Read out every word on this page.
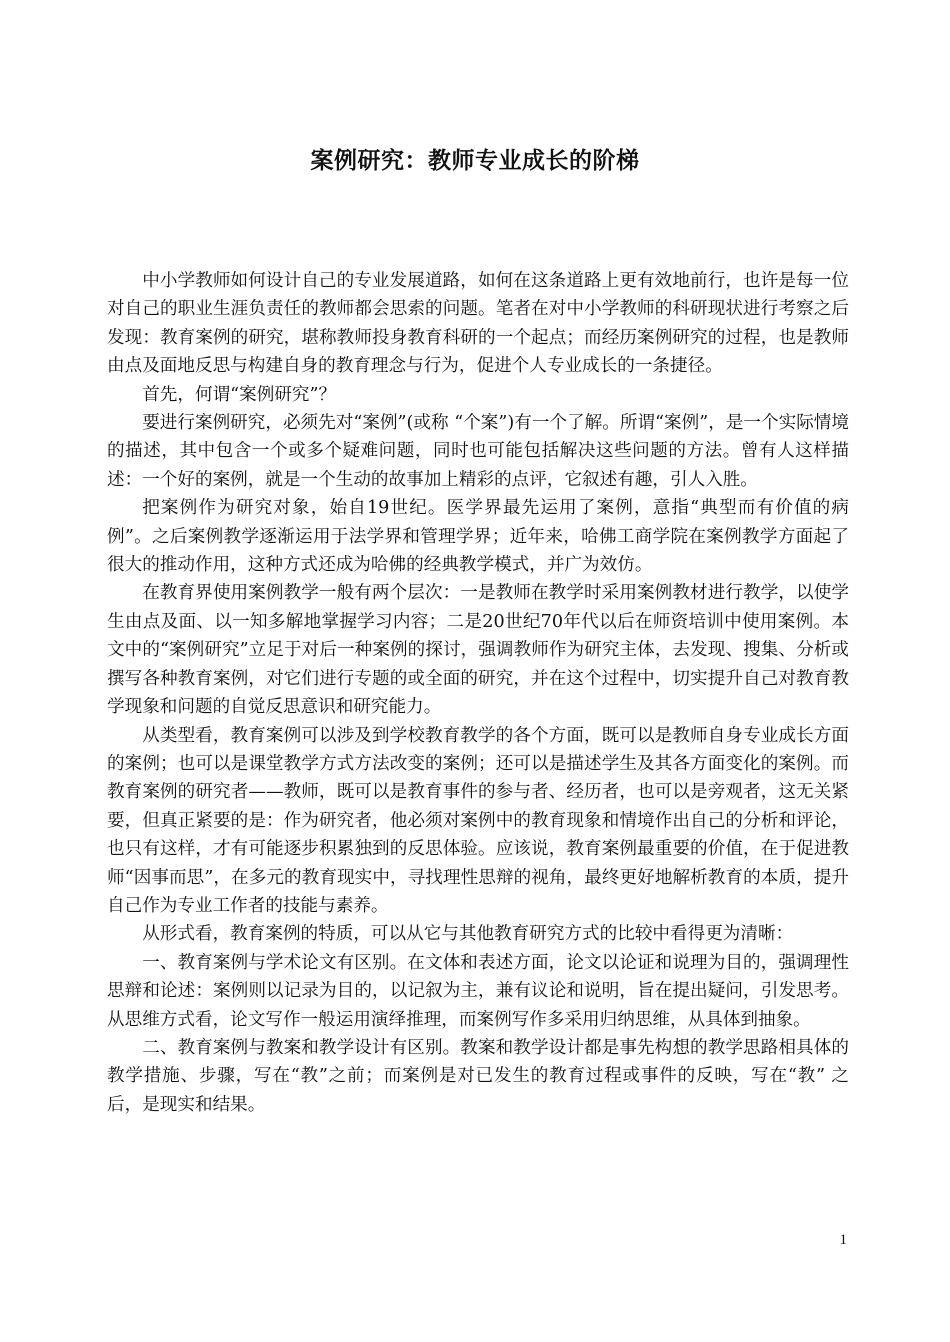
案例研究：教师专业成长的阶梯

中小学教师如何设计自己的专业发展道路，如何在这条道路上更有效地前行，也许是每一位对自己的职业生涯负责任的教师都会思索的问题。笔者在对中小学教师的科研现状进行考察之后发现：教育案例的研究，堪称教师投身教育科研的一个起点；而经历案例研究的过程，也是教师由点及面地反思与构建自身的教育理念与行为，促进个人专业成长的一条捷径。

首先，何谓“案例研究”？

要进行案例研究，必须先对“案例”(或称 “个案”)有一个了解。所谓“案例”，是一个实际情境的描述，其中包含一个或多个疑难问题，同时也可能包括解决这些问题的方法。曾有人这样描述：一个好的案例，就是一个生动的故事加上精彩的点评，它叙述有趣，引人入胜。

把案例作为研究对象，始自19世纪。医学界最先运用了案例，意指“典型而有价值的病例”。之后案例教学逐渐运用于法学界和管理学界；近年来，哈佛工商学院在案例教学方面起了很大的推动作用，这种方式还成为哈佛的经典教学模式，并广为效仿。

在教育界使用案例教学一般有两个层次：一是教师在教学时采用案例教材进行教学，以使学生由点及面、以一知多解地掌握学习内容；二是20世纪70年代以后在师资培训中使用案例。本文中的“案例研究”立足于对后一种案例的探讨，强调教师作为研究主体，去发现、搜集、分析或撰写各种教育案例，对它们进行专题的或全面的研究，并在这个过程中，切实提升自己对教育教学现象和问题的自觉反思意识和研究能力。

从类型看，教育案例可以涉及到学校教育教学的各个方面，既可以是教师自身专业成长方面的案例；也可以是课堂教学方式方法改变的案例；还可以是描述学生及其各方面变化的案例。而教育案例的研究者——教师，既可以是教育事件的参与者、经历者，也可以是旁观者，这无关紧要，但真正紧要的是：作为研究者，他必须对案例中的教育现象和情境作出自己的分析和评论，也只有这样，才有可能逐步积累独到的反思体验。应该说，教育案例最重要的价值，在于促进教师“因事而思”，在多元的教育现实中，寻找理性思辩的视角，最终更好地解析教育的本质，提升自己作为专业工作者的技能与素养。

从形式看，教育案例的特质，可以从它与其他教育研究方式的比较中看得更为清晰：

一、教育案例与学术论文有区别。在文体和表述方面，论文以论证和说理为目的，强调理性思辩和论述：案例则以记录为目的，以记叙为主，兼有议论和说明，旨在提出疑问，引发思考。从思维方式看，论文写作一般运用演绎推理，而案例写作多采用归纳思维，从具体到抽象。

二、教育案例与教案和教学设计有区别。教案和教学设计都是事先构想的教学思路相具体的教学措施、步骤，写在“教”之前；而案例是对已发生的教育过程或事件的反映，写在“教” 之后，是现实和结果。

1
